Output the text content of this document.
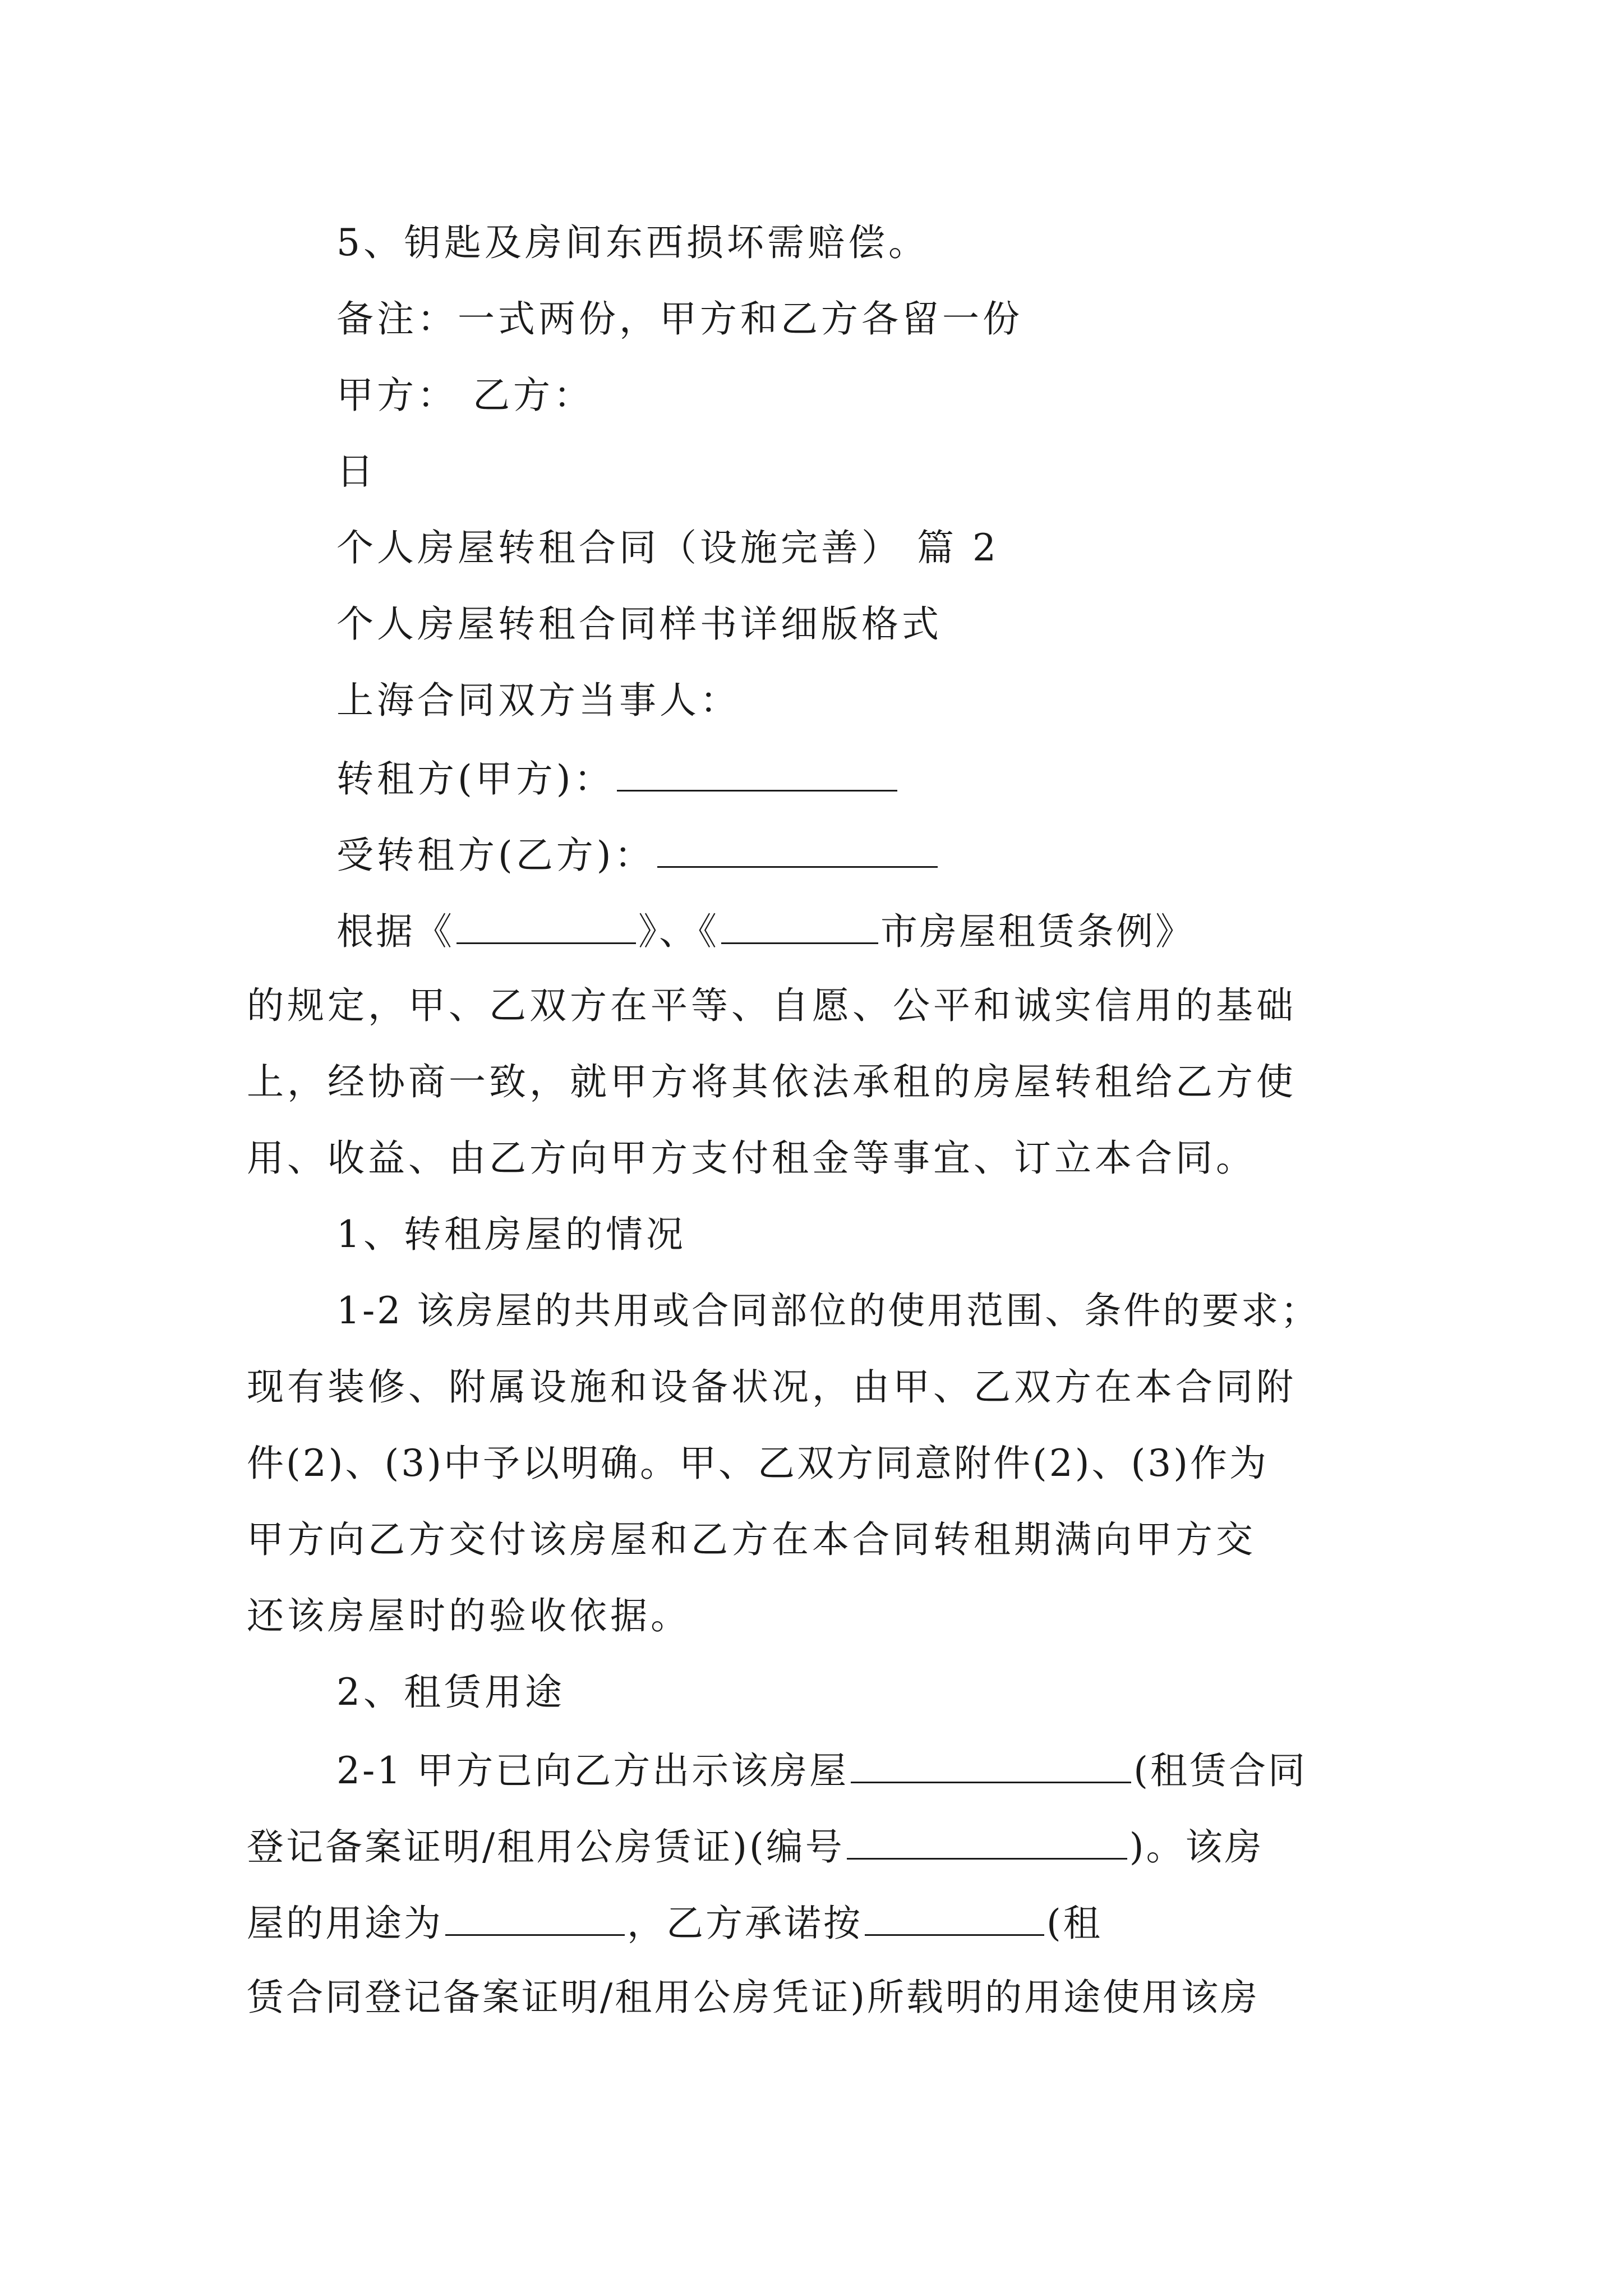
5、钥匙及房间东西损坏需赔偿。
备注：一式两份，甲方和乙方各留一份
甲方： 乙方：
日
个人房屋转租合同（设施完善） 篇 2
个人房屋转租合同样书详细版格式
上海合同双方当事人：
转租方(甲方)：
受转租方(乙方)：
根据《	》、《	市房屋租赁条例》
的规定，甲、乙双方在平等、自愿、公平和诚实信用的基础
上，经协商一致，就甲方将其依法承租的房屋转租给乙方使
用、收益、由乙方向甲方支付租金等事宜、订立本合同。
1、转租房屋的情况
1-2 该房屋的共用或合同部位的使用范围、条件的要求；
现有装修、附属设施和设备状况，由甲、乙双方在本合同附
件(2)、(3)中予以明确。甲、乙双方同意附件(2)、(3)作为
甲方向乙方交付该房屋和乙方在本合同转租期满向甲方交
还该房屋时的验收依据。
2、租赁用途
2-1 甲方已向乙方出示该房屋	(租赁合同
登记备案证明/租用公房赁证)(编号	)。该房
屋的用途为	，乙方承诺按	(租
赁合同登记备案证明/租用公房凭证)所载明的用途使用该房
